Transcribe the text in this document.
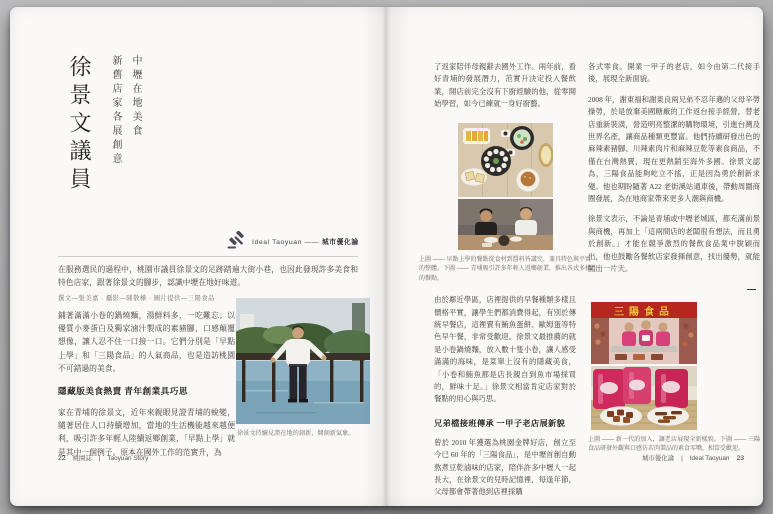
中壢在地美食
新舊店家各展創意
徐景文議員
Ideal Taoyuan —— 城市優化論
在服務選民的過程中，桃園市議員徐景文的足跡踏遍大街小巷，也因此發現許多美食和特色店家，跟著徐景文的腳步，認識中壢在地好味道。
撰文—張美嘉 · 攝影—陳敬樺 · 圖片提供—三陽食品

鋪著滿滿小卷的鍋燒麵，湯鮮料多，一吃難忘；以優質小麥蛋白及獨家滷汁製成的素豬腳，口感顛覆想像，讓人忍不住一口接一口。它們分別是「早點上學」和「三陽食品」的人氣商品，也是造訪桃園不可錯過的美食。

隱藏版美食熱賣 青年創業具巧思

家在青埔的徐景文，近年來親眼見證青埔的蛻變，隨著居住人口持續增加，當地的生活機能越來越便利，吸引許多年輕人陸續返鄉創業，「早點上學」就是其中一個例子。原本在國外工作的范實升，為

徐景文持續見證在地的創新，開創新氣象。
22 桃園誌 | Taoyuan Story

了返家陪伴母親辭去國外工作。兩年前，看好青埔的發展潛力，范實升決定投入餐飲業，開店前完全沒有下廚經驗的他，從零開始學習，如今已練就一身好廚藝。

上圖 —— 早點上學的餐點從食材到醬料皆講究，兼具特色與平實的整體。下圖 —— 青埔吸引許多年輕人返鄉創業，推出各式多樣的餐點。

由於鄰近學區，店裡提供的早餐種類多樣且價格平實，讓學生們都消費得起，有別於傳統早餐店，這裡賣有鮪魚蛋餅、歐姆蛋等特色早午餐，非常受歡迎。徐景文最推薦的就是小卷鍋燒麵，放入數十隻小卷，讓人感受滿滿的海味，是菜單上沒有的隱藏美食，「小卷和鮪魚都是店長親自到魚市場採買的，鮮味十足。」徐景文相當肯定店家對於餐點的用心與巧思。

兄弟檔接班傳承 一甲子老店展新貌

曾於 2010 年獲選為桃園金牌好店，創立至今已 60 年的「三陽食品」，是中壢首創自動熬煮豆乾滷味的店家，陪伴許多中壢人一起長大，在徐景文的兒時記憶裡，每逢年節，父母都會帶著他到店裡採購

各式零食。開業一甲子的老店，如今由第二代接手後，展現全新面貌。

2008 年，謝東福和謝東良兩兄弟不忍年邁的父母辛勞操勞，於是放棄美國糖廠的工作返台接手經營，替老店重新裝潢，營造明亮整潔的購物環境，引進台灣及世界名產，讓商品種類更豐富。他們持續研發出色的麻辣素豬腳、川辣素肉片和麻辣豆乾等素食商品，不僅在台灣熱賣，現在更熱銷至海外多國。徐景文認為，三陽食品能夠屹立不搖，正是因為勇於創新求變。他也期盼隨著 A22 老街溪站通車後，帶動周圍商圈發展，為在地商家帶來更多人潮與商機。

徐景文表示，不論是青埔或中壢老城區，都充滿前景與商機，再加上「這兩間店的老闆很有想法，而且勇於創新。」才能在競爭激烈的餐飲食品業中脫穎而出，他也鼓勵各餐飲店家發揮創意，找出優勢，就能闖出一片天。

—
三陽食品
上圖 —— 新一代的加入，讓老店展現全新樣貌。下圖 —— 三陽食品研發外觀與口感仿若肉製品的素食零嘴，相當受歡迎。
城市優化論 | Ideal Taoyuan 23
